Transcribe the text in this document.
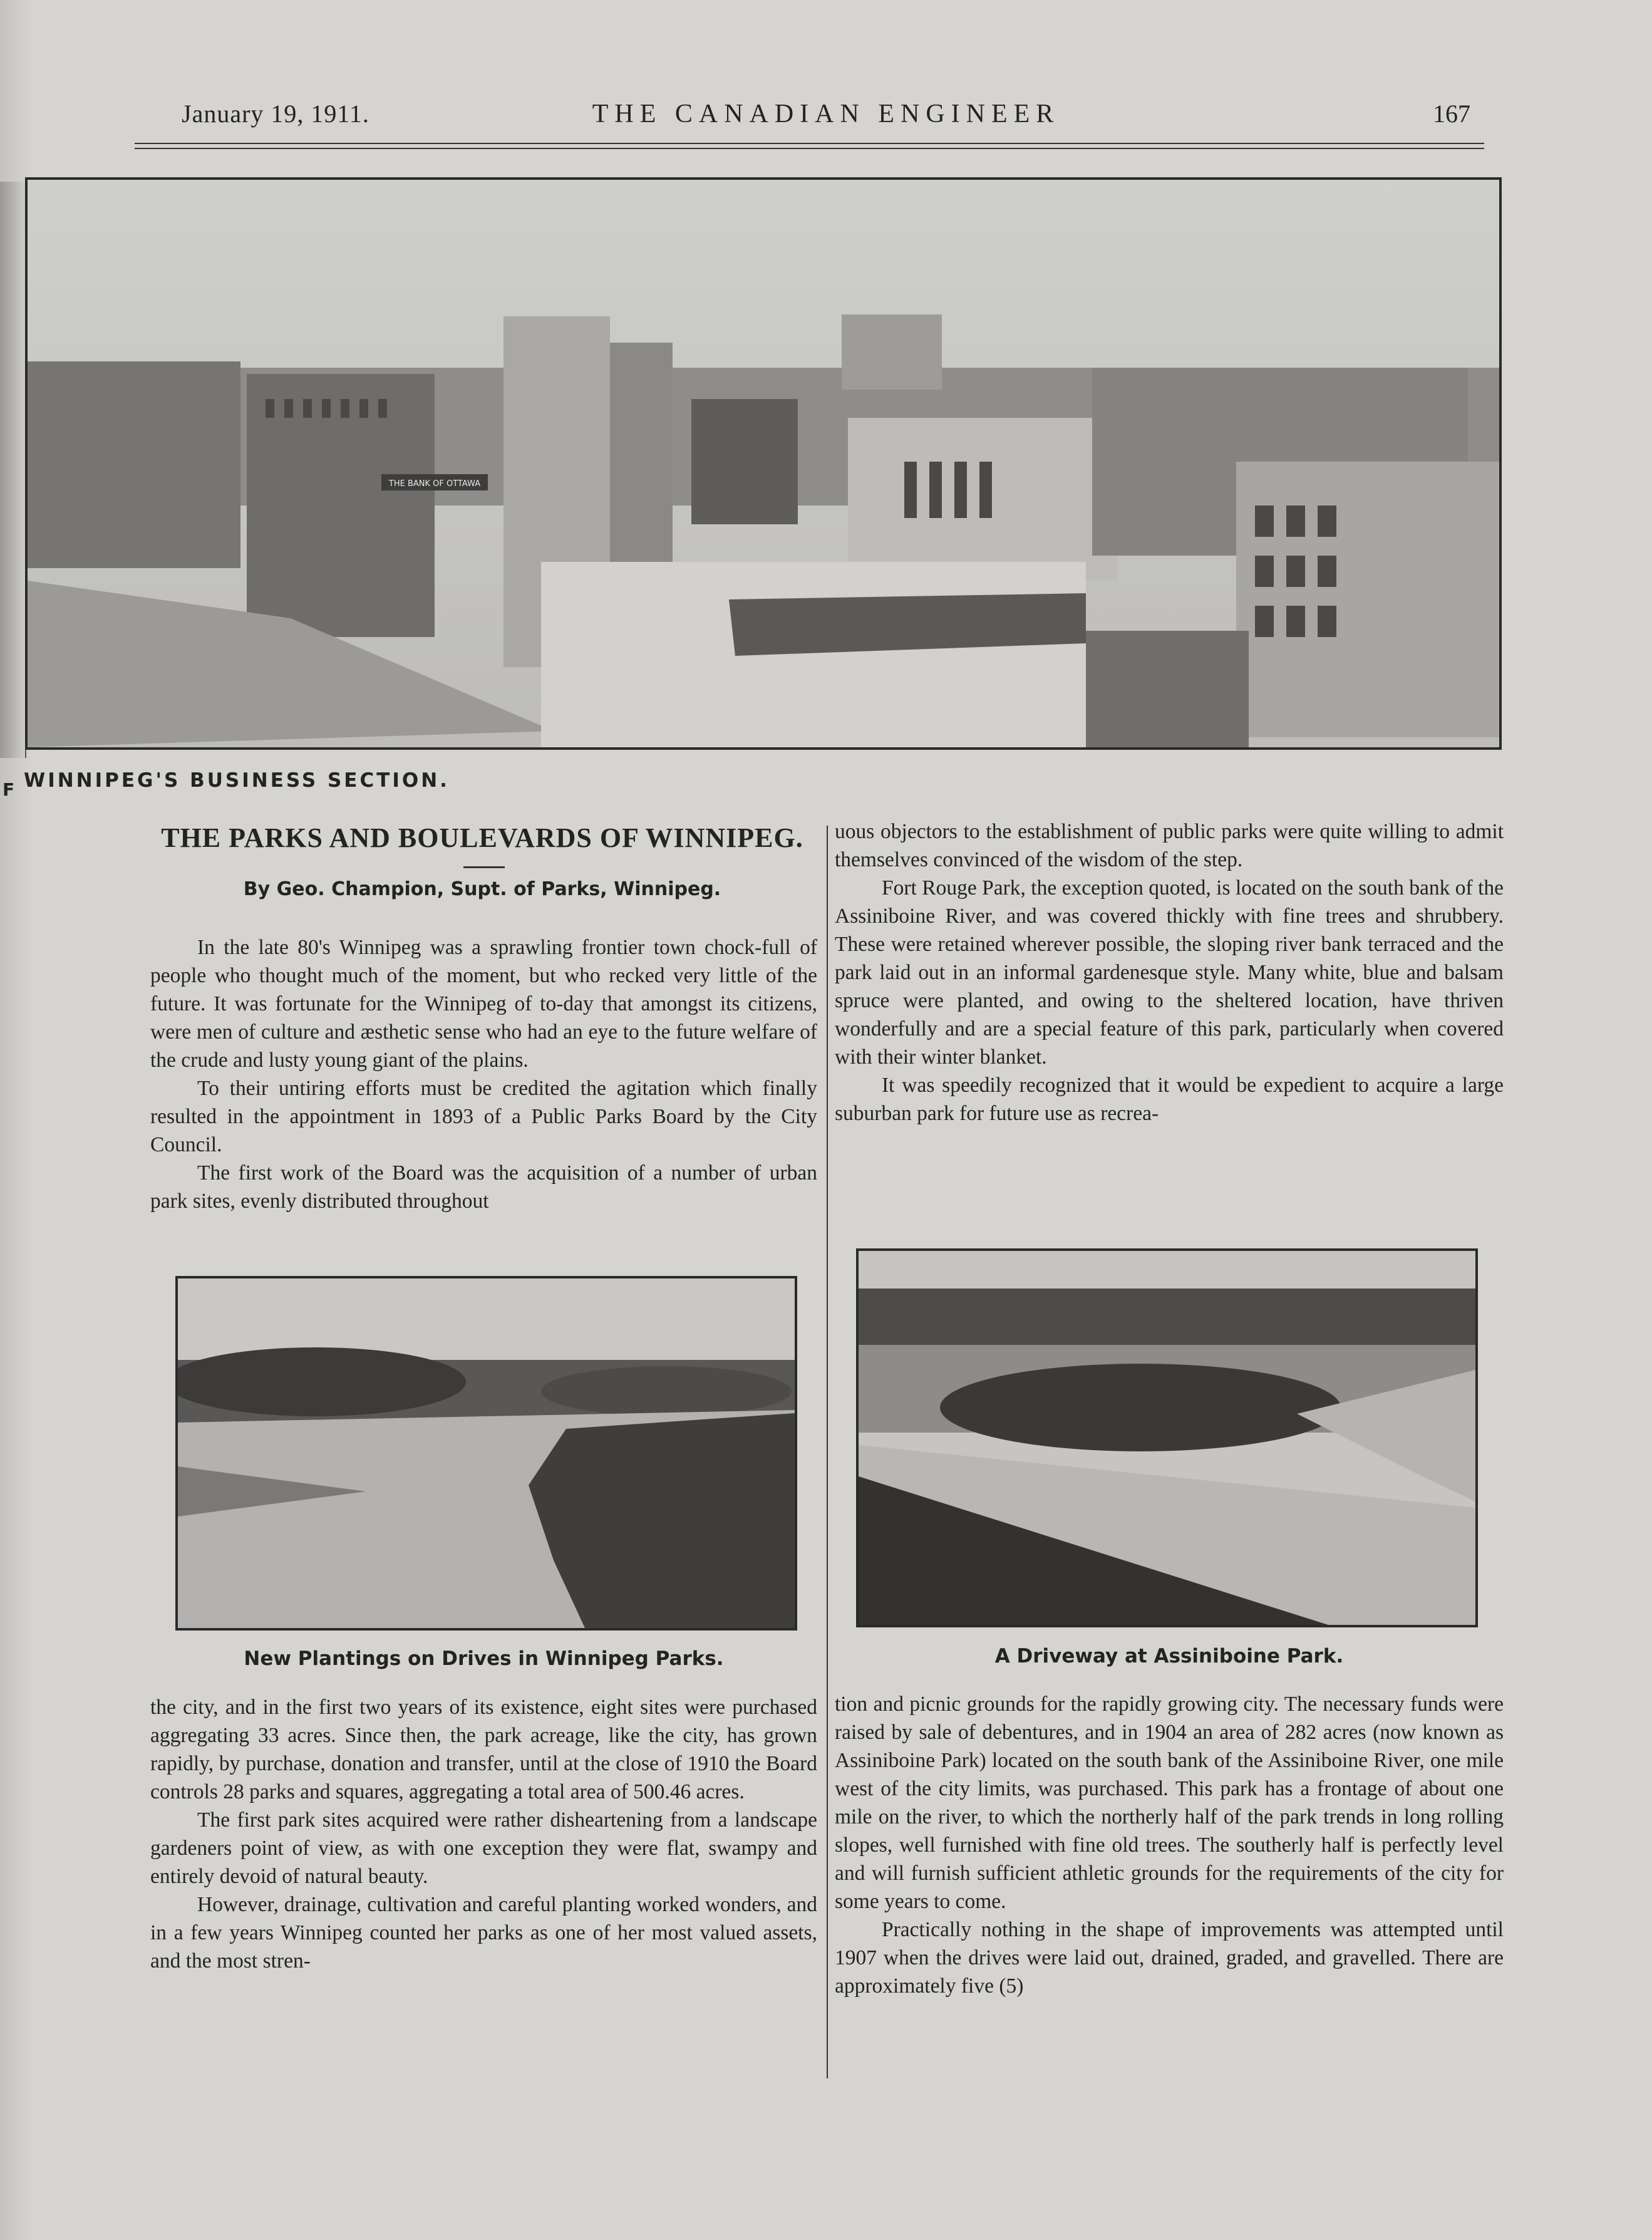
January 19, 1911.	THE CANADIAN ENGINEER	167
THE BANK OF OTTAWA
F WINNIPEG'S BUSINESS SECTION.
THE PARKS AND BOULEVARDS OF WINNIPEG.
By Geo. Champion, Supt. of Parks, Winnipeg.

In the late 80's Winnipeg was a sprawling frontier town chock-full of people who thought much of the moment, but who recked very little of the future. It was fortunate for the Winnipeg of to-day that amongst its citizens, were men of culture and æsthetic sense who had an eye to the future welfare of the crude and lusty young giant of the plains.

To their untiring efforts must be credited the agitation which finally resulted in the appointment in 1893 of a Public Parks Board by the City Council.

The first work of the Board was the acquisition of a number of urban park sites, evenly distributed throughout

uous objectors to the establishment of public parks were quite willing to admit themselves convinced of the wisdom of the step.

Fort Rouge Park, the exception quoted, is located on the south bank of the Assiniboine River, and was covered thickly with fine trees and shrubbery. These were retained wherever possible, the sloping river bank terraced and the park laid out in an informal gardenesque style. Many white, blue and balsam spruce were planted, and owing to the sheltered location, have thriven wonderfully and are a special feature of this park, particularly when covered with their winter blanket.

It was speedily recognized that it would be expedient to acquire a large suburban park for future use as recrea-

New Plantings on Drives in Winnipeg Parks.	A Driveway at Assiniboine Park.

the city, and in the first two years of its existence, eight sites were purchased aggregating 33 acres. Since then, the park acreage, like the city, has grown rapidly, by purchase, donation and transfer, until at the close of 1910 the Board controls 28 parks and squares, aggregating a total area of 500.46 acres.

The first park sites acquired were rather disheartening from a landscape gardeners point of view, as with one exception they were flat, swampy and entirely devoid of natural beauty.

However, drainage, cultivation and careful planting worked wonders, and in a few years Winnipeg counted her parks as one of her most valued assets, and the most stren-

tion and picnic grounds for the rapidly growing city. The necessary funds were raised by sale of debentures, and in 1904 an area of 282 acres (now known as Assiniboine Park) located on the south bank of the Assiniboine River, one mile west of the city limits, was purchased. This park has a frontage of about one mile on the river, to which the northerly half of the park trends in long rolling slopes, well furnished with fine old trees. The southerly half is perfectly level and will furnish sufficient athletic grounds for the requirements of the city for some years to come.

Practically nothing in the shape of improvements was attempted until 1907 when the drives were laid out, drained, graded, and gravelled. There are approximately five (5)
